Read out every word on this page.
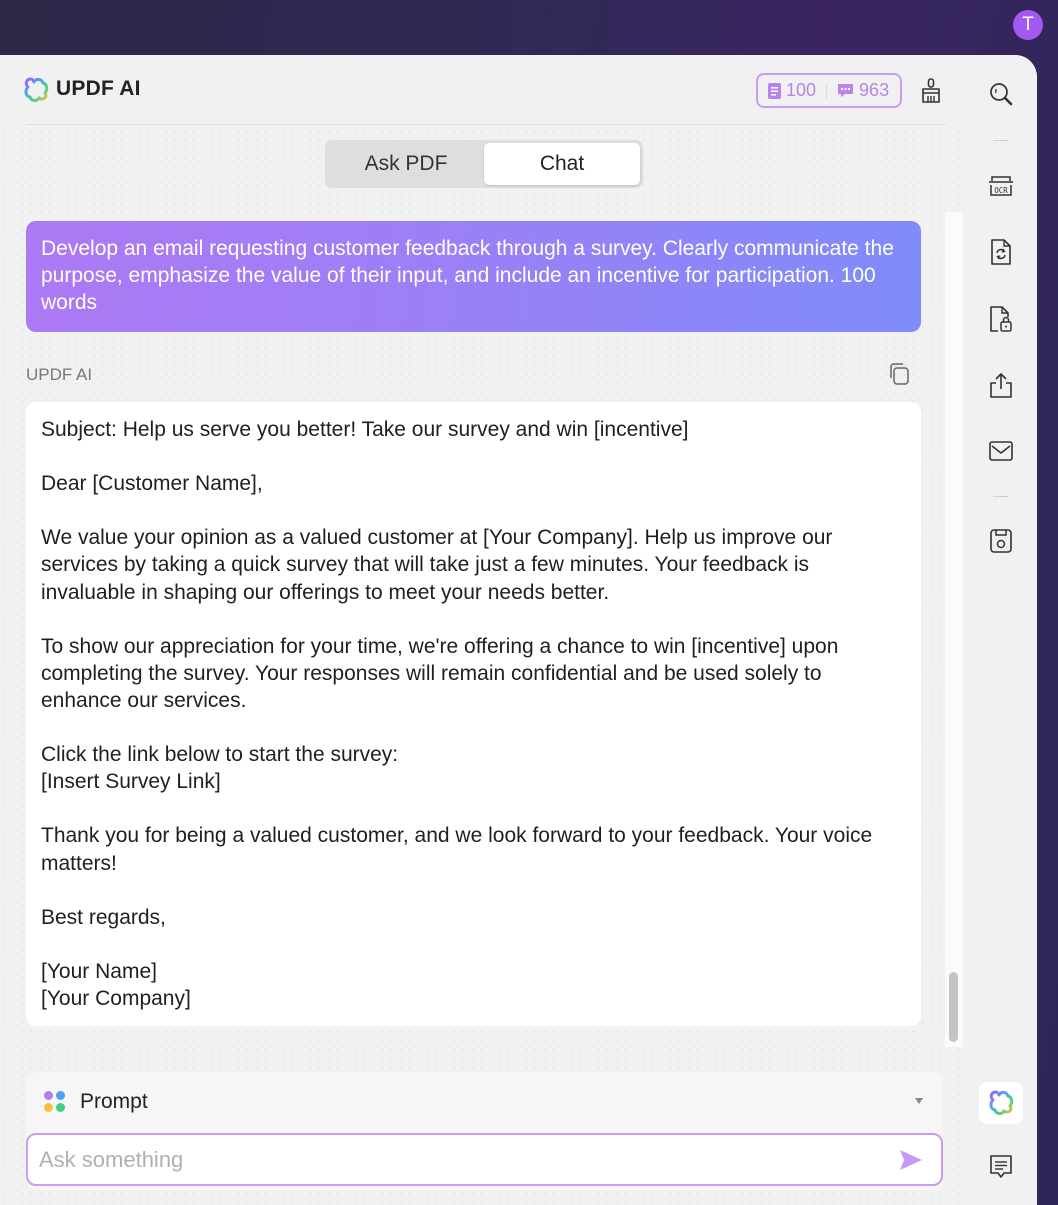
T
UPDF AI	100 963
Ask PDF	Chat
Develop an email requesting customer feedback through a survey. Clearly communicate the purpose, emphasize the value of their input, and include an incentive for participation. 100 words
UPDF AI

Subject: Help us serve you better! Take our survey and win [incentive]

Dear [Customer Name],

We value your opinion as a valued customer at [Your Company]. Help us improve our services by taking a quick survey that will take just a few minutes. Your feedback is invaluable in shaping our offerings to meet your needs better.

To show our appreciation for your time, we're offering a chance to win [incentive] upon completing the survey. Your responses will remain confidential and be used solely to enhance our services.

Click the link below to start the survey:
[Insert Survey Link]

Thank you for being a valued customer, and we look forward to your feedback. Your voice matters!

Best regards,

[Your Name]
[Your Company]

Prompt
Ask something
OCR
